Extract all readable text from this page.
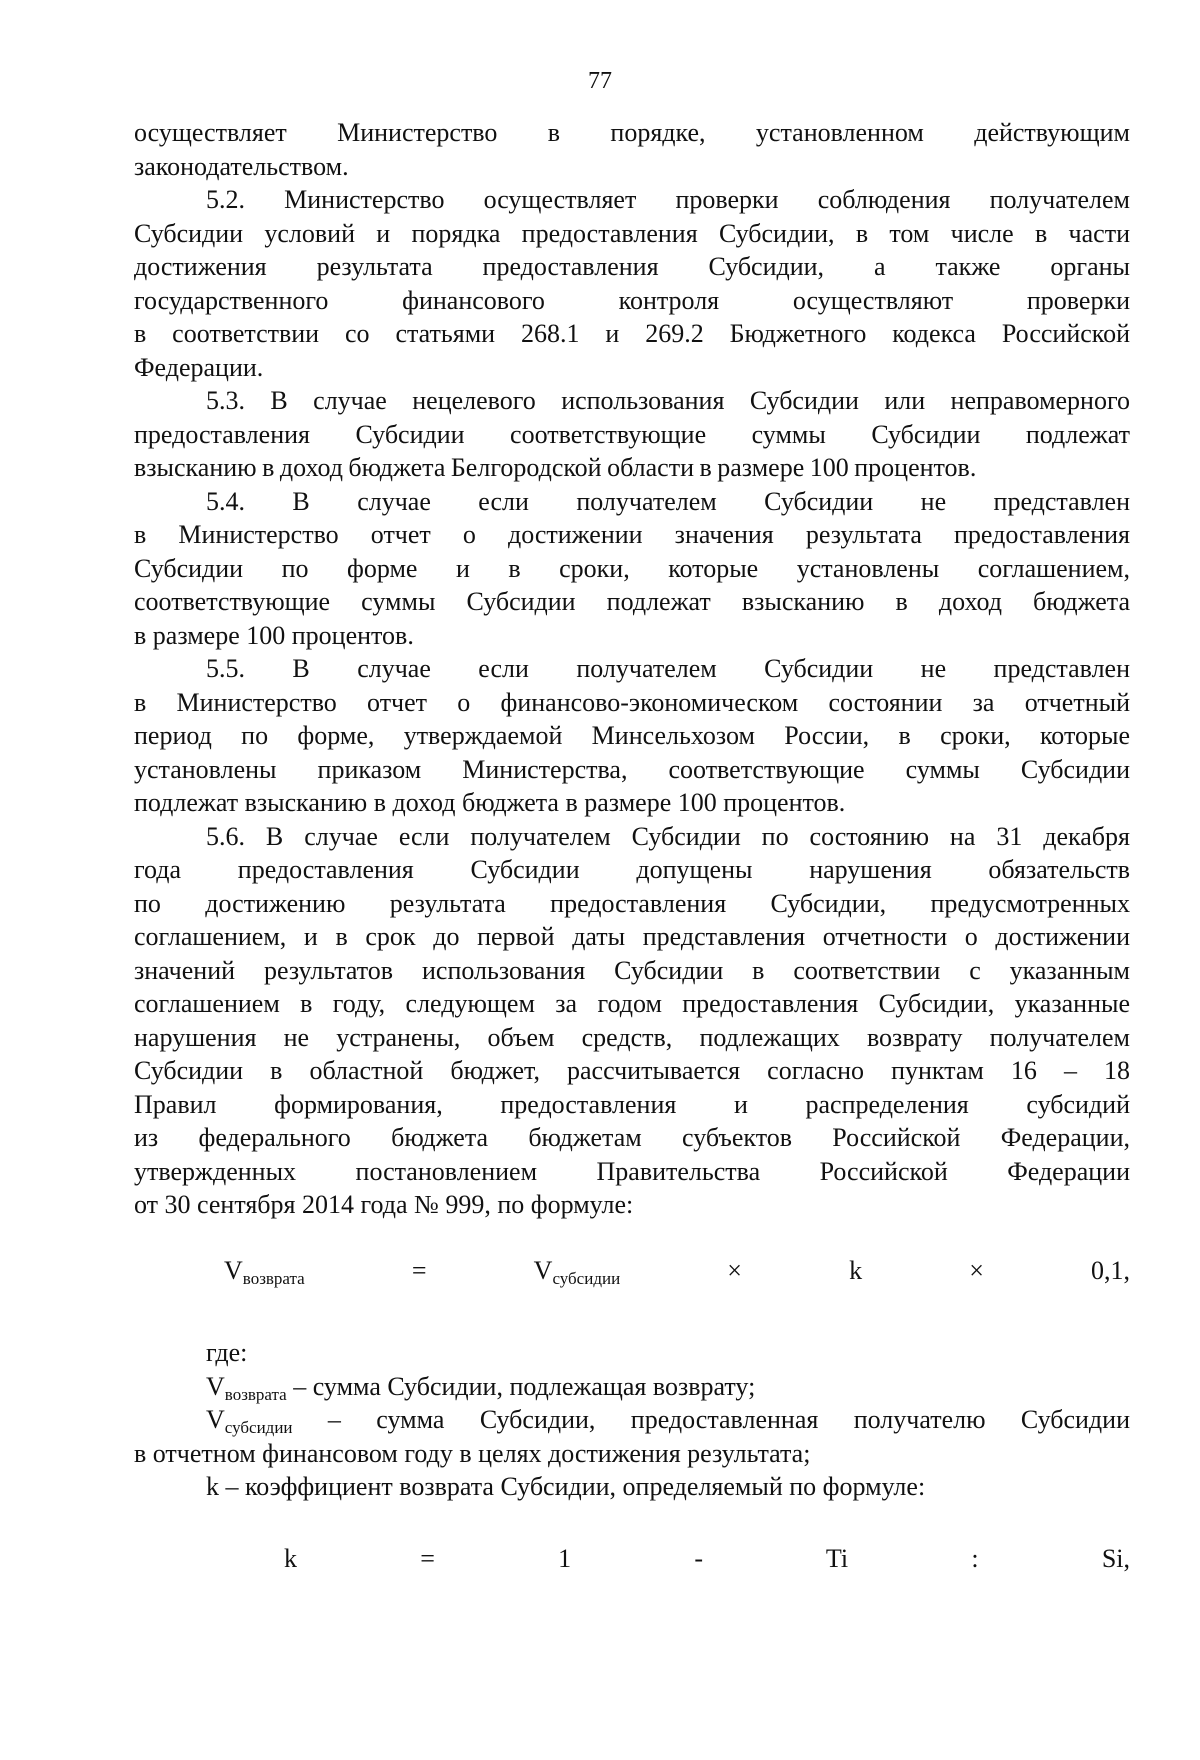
77

осуществляет Министерство в порядке, установленном действующим

законодательством.

5.2. Министерство осуществляет проверки соблюдения получателем

Субсидии условий и порядка предоставления Субсидии, в том числе в части

достижения результата предоставления Субсидии, а также органы

государственного финансового контроля осуществляют проверки

в соответствии со статьями 268.1 и 269.2 Бюджетного кодекса Российской

Федерации.

5.3. В случае нецелевого использования Субсидии или неправомерного

предоставления Субсидии соответствующие суммы Субсидии подлежат

взысканию в доход бюджета Белгородской области в размере 100 процентов.

5.4. В случае если получателем Субсидии не представлен

в Министерство отчет о достижении значения результата предоставления

Субсидии по форме и в сроки, которые установлены соглашением,

соответствующие суммы Субсидии подлежат взысканию в доход бюджета

в размере 100 процентов.

5.5. В случае если получателем Субсидии не представлен

в Министерство отчет о финансово-экономическом состоянии за отчетный

период по форме, утверждаемой Минсельхозом России, в сроки, которые

установлены приказом Министерства, соответствующие суммы Субсидии

подлежат взысканию в доход бюджета в размере 100 процентов.

5.6. В случае если получателем Субсидии по состоянию на 31 декабря

года предоставления Субсидии допущены нарушения обязательств

по достижению результата предоставления Субсидии, предусмотренных

соглашением, и в срок до первой даты представления отчетности о достижении

значений результатов использования Субсидии в соответствии с указанным

соглашением в году, следующем за годом предоставления Субсидии, указанные

нарушения не устранены, объем средств, подлежащих возврату получателем

Субсидии в областной бюджет, рассчитывается согласно пунктам 16 – 18

Правил формирования, предоставления и распределения субсидий

из федерального бюджета бюджетам субъектов Российской Федерации,

утвержденных постановлением Правительства Российской Федерации

от 30 сентября 2014 года № 999, по формуле:

$V_{возврата} = V_{субсидии} \times k \times 0,1$,

где:

$V_{возврата}$ – сумма Субсидии, подлежащая возврату;

$V_{субсидии}$ – сумма Субсидии, предоставленная получателю Субсидии

в отчетном финансовом году в целях достижения результата;

k – коэффициент возврата Субсидии, определяемый по формуле:

k = 1 - Ti : Si,
